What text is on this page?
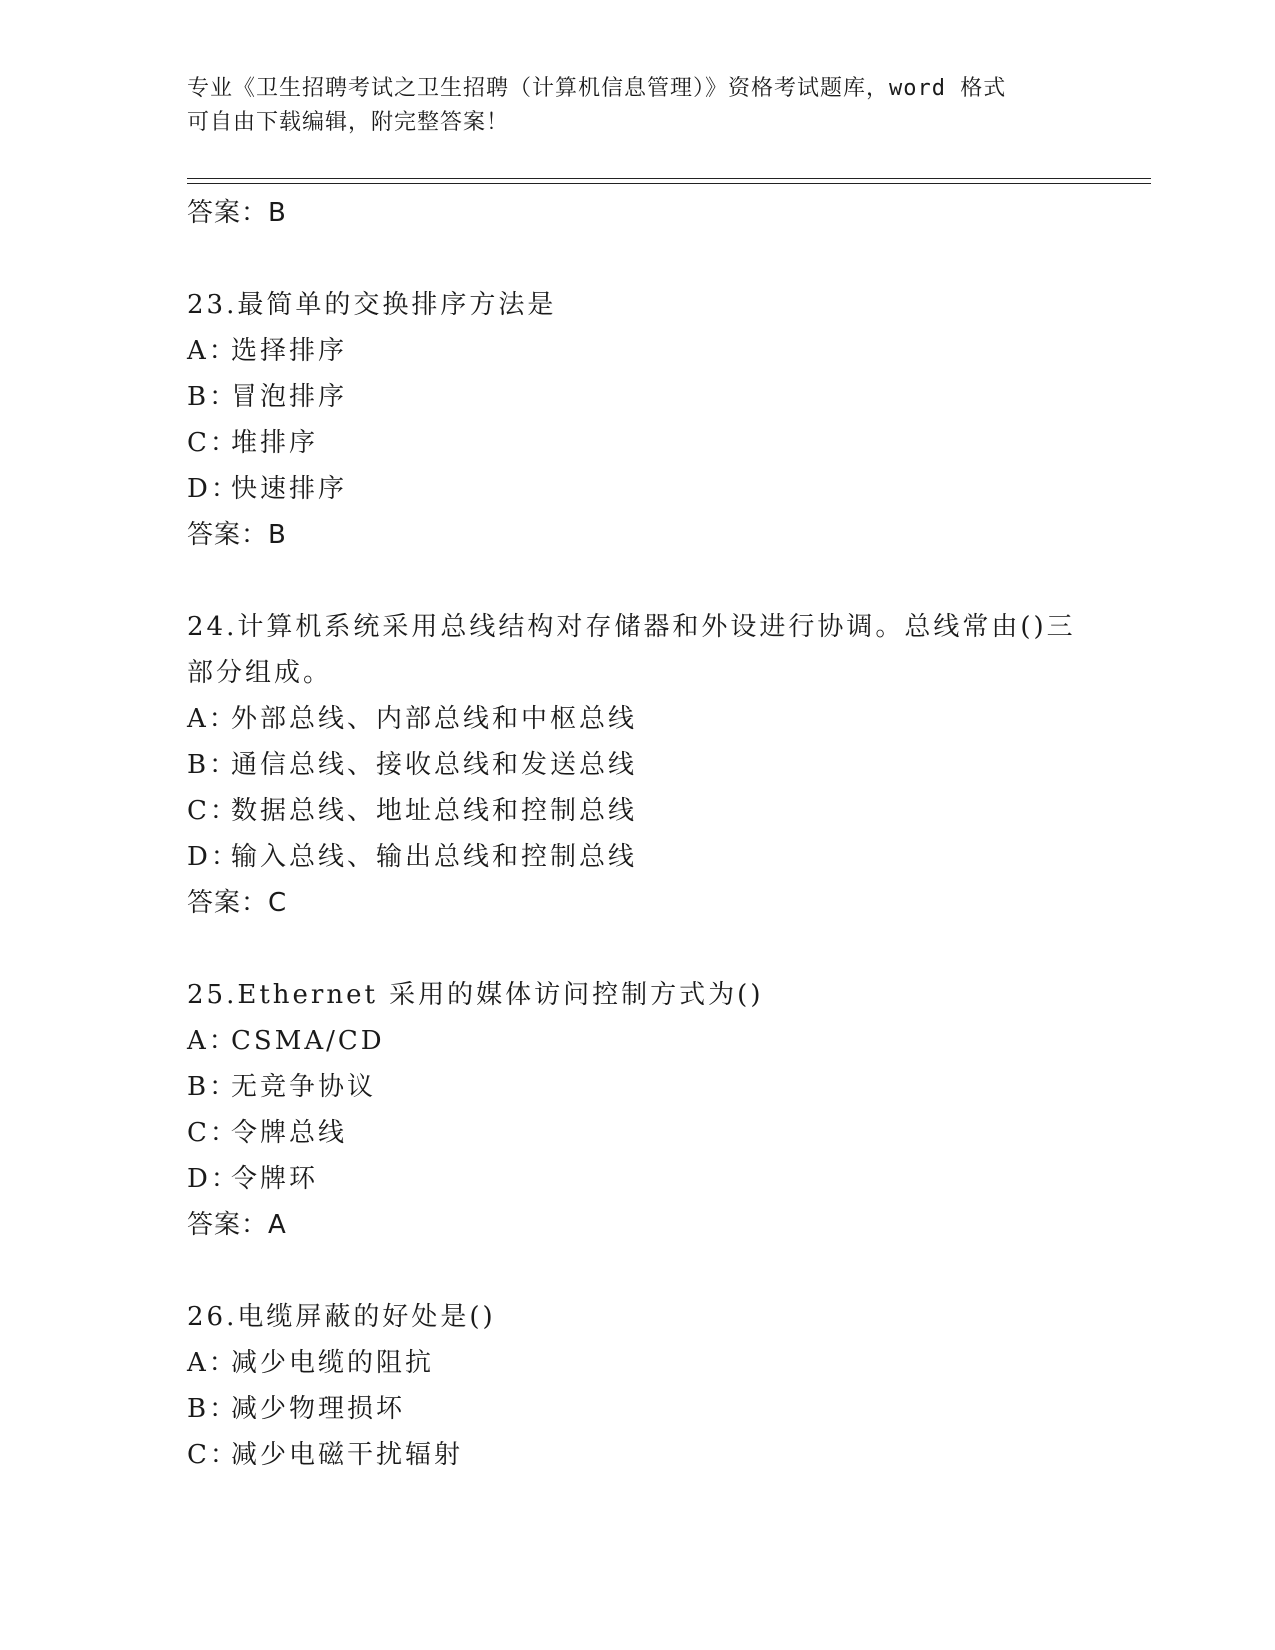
专业《卫生招聘考试之卫生招聘（计算机信息管理）》资格考试题库，word 格式
可自由下载编辑，附完整答案！
答案：B
23.最简单的交换排序方法是
A：选择排序
B：冒泡排序
C：堆排序
D：快速排序
答案：B
24.计算机系统采用总线结构对存储器和外设进行协调。总线常由()三
部分组成。
A：外部总线、内部总线和中枢总线
B：通信总线、接收总线和发送总线
C：数据总线、地址总线和控制总线
D：输入总线、输出总线和控制总线
答案：C
25.Ethernet 采用的媒体访问控制方式为()
A：CSMA/CD
B：无竞争协议
C：令牌总线
D：令牌环
答案：A
26.电缆屏蔽的好处是()
A：减少电缆的阻抗
B：减少物理损坏
C：减少电磁干扰辐射
